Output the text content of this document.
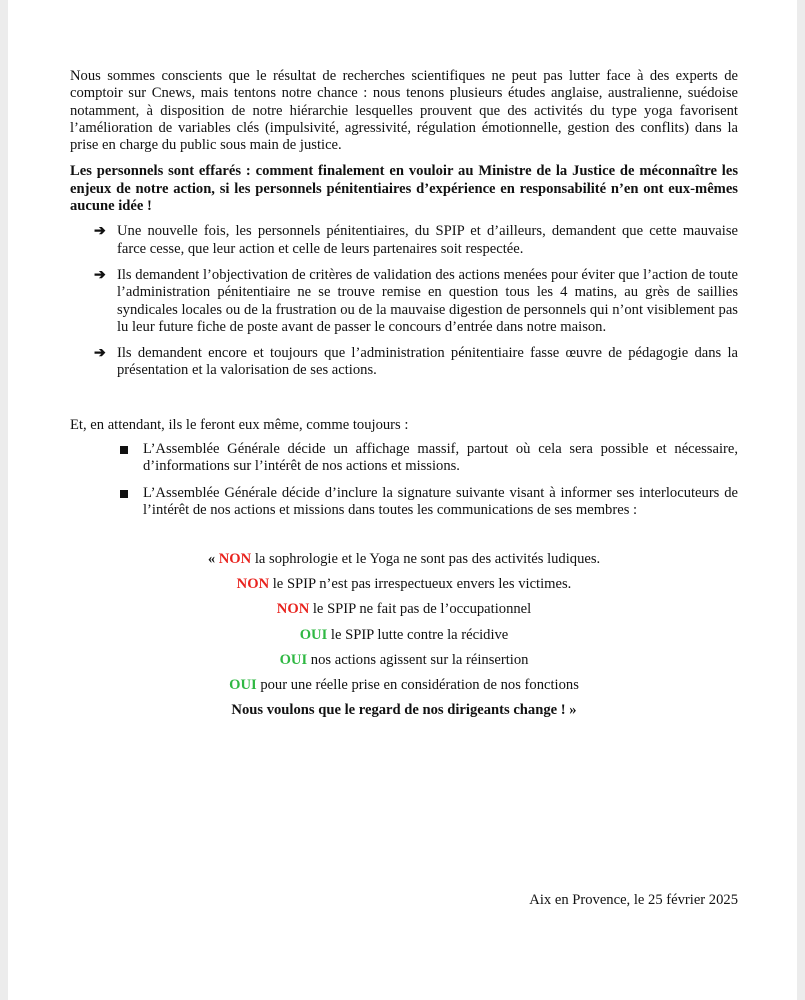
Nous sommes conscients que le résultat de recherches scientifiques ne peut pas lutter face à des experts de comptoir sur Cnews, mais tentons notre chance : nous tenons plusieurs études anglaise, australienne, suédoise notamment, à disposition de notre hiérarchie lesquelles prouvent que des activités du type yoga favorisent l’amélioration de variables clés (impulsivité, agressivité, régulation émotionnelle, gestion des conflits) dans la prise en charge du public sous main de justice.

Les personnels sont effarés : comment finalement en vouloir au Ministre de la Justice de méconnaître les enjeux de notre action, si les personnels pénitentiaires d’expérience en responsabilité n’en ont eux-mêmes aucune idée !

➔ Une nouvelle fois, les personnels pénitentiaires, du SPIP et d’ailleurs, demandent que cette mauvaise farce cesse, que leur action et celle de leurs partenaires soit respectée.
➔ Ils demandent l’objectivation de critères de validation des actions menées pour éviter que l’action de toute l’administration pénitentiaire ne se trouve remise en question tous les 4 matins, au grès de saillies syndicales locales ou de la frustration ou de la mauvaise digestion de personnels qui n’ont visiblement pas lu leur future fiche de poste avant de passer le concours d’entrée dans notre maison.
➔ Ils demandent encore et toujours que l’administration pénitentiaire fasse œuvre de pédagogie dans la présentation et la valorisation de ses actions.

Et, en attendant, ils le feront eux même, comme toujours :

L’Assemblée Générale décide un affichage massif, partout où cela sera possible et nécessaire, d’informations sur l’intérêt de nos actions et missions.
L’Assemblée Générale décide d’inclure la signature suivante visant à informer ses interlocuteurs de l’intérêt de nos actions et missions dans toutes les communications de ses membres :
« NON la sophrologie et le Yoga ne sont pas des activités ludiques.
NON le SPIP n’est pas irrespectueux envers les victimes.
NON le SPIP ne fait pas de l’occupationnel
OUI le SPIP lutte contre la récidive
OUI nos actions agissent sur la réinsertion
OUI pour une réelle prise en considération de nos fonctions
Nous voulons que le regard de nos dirigeants change ! »
Aix en Provence, le 25 février 2025
